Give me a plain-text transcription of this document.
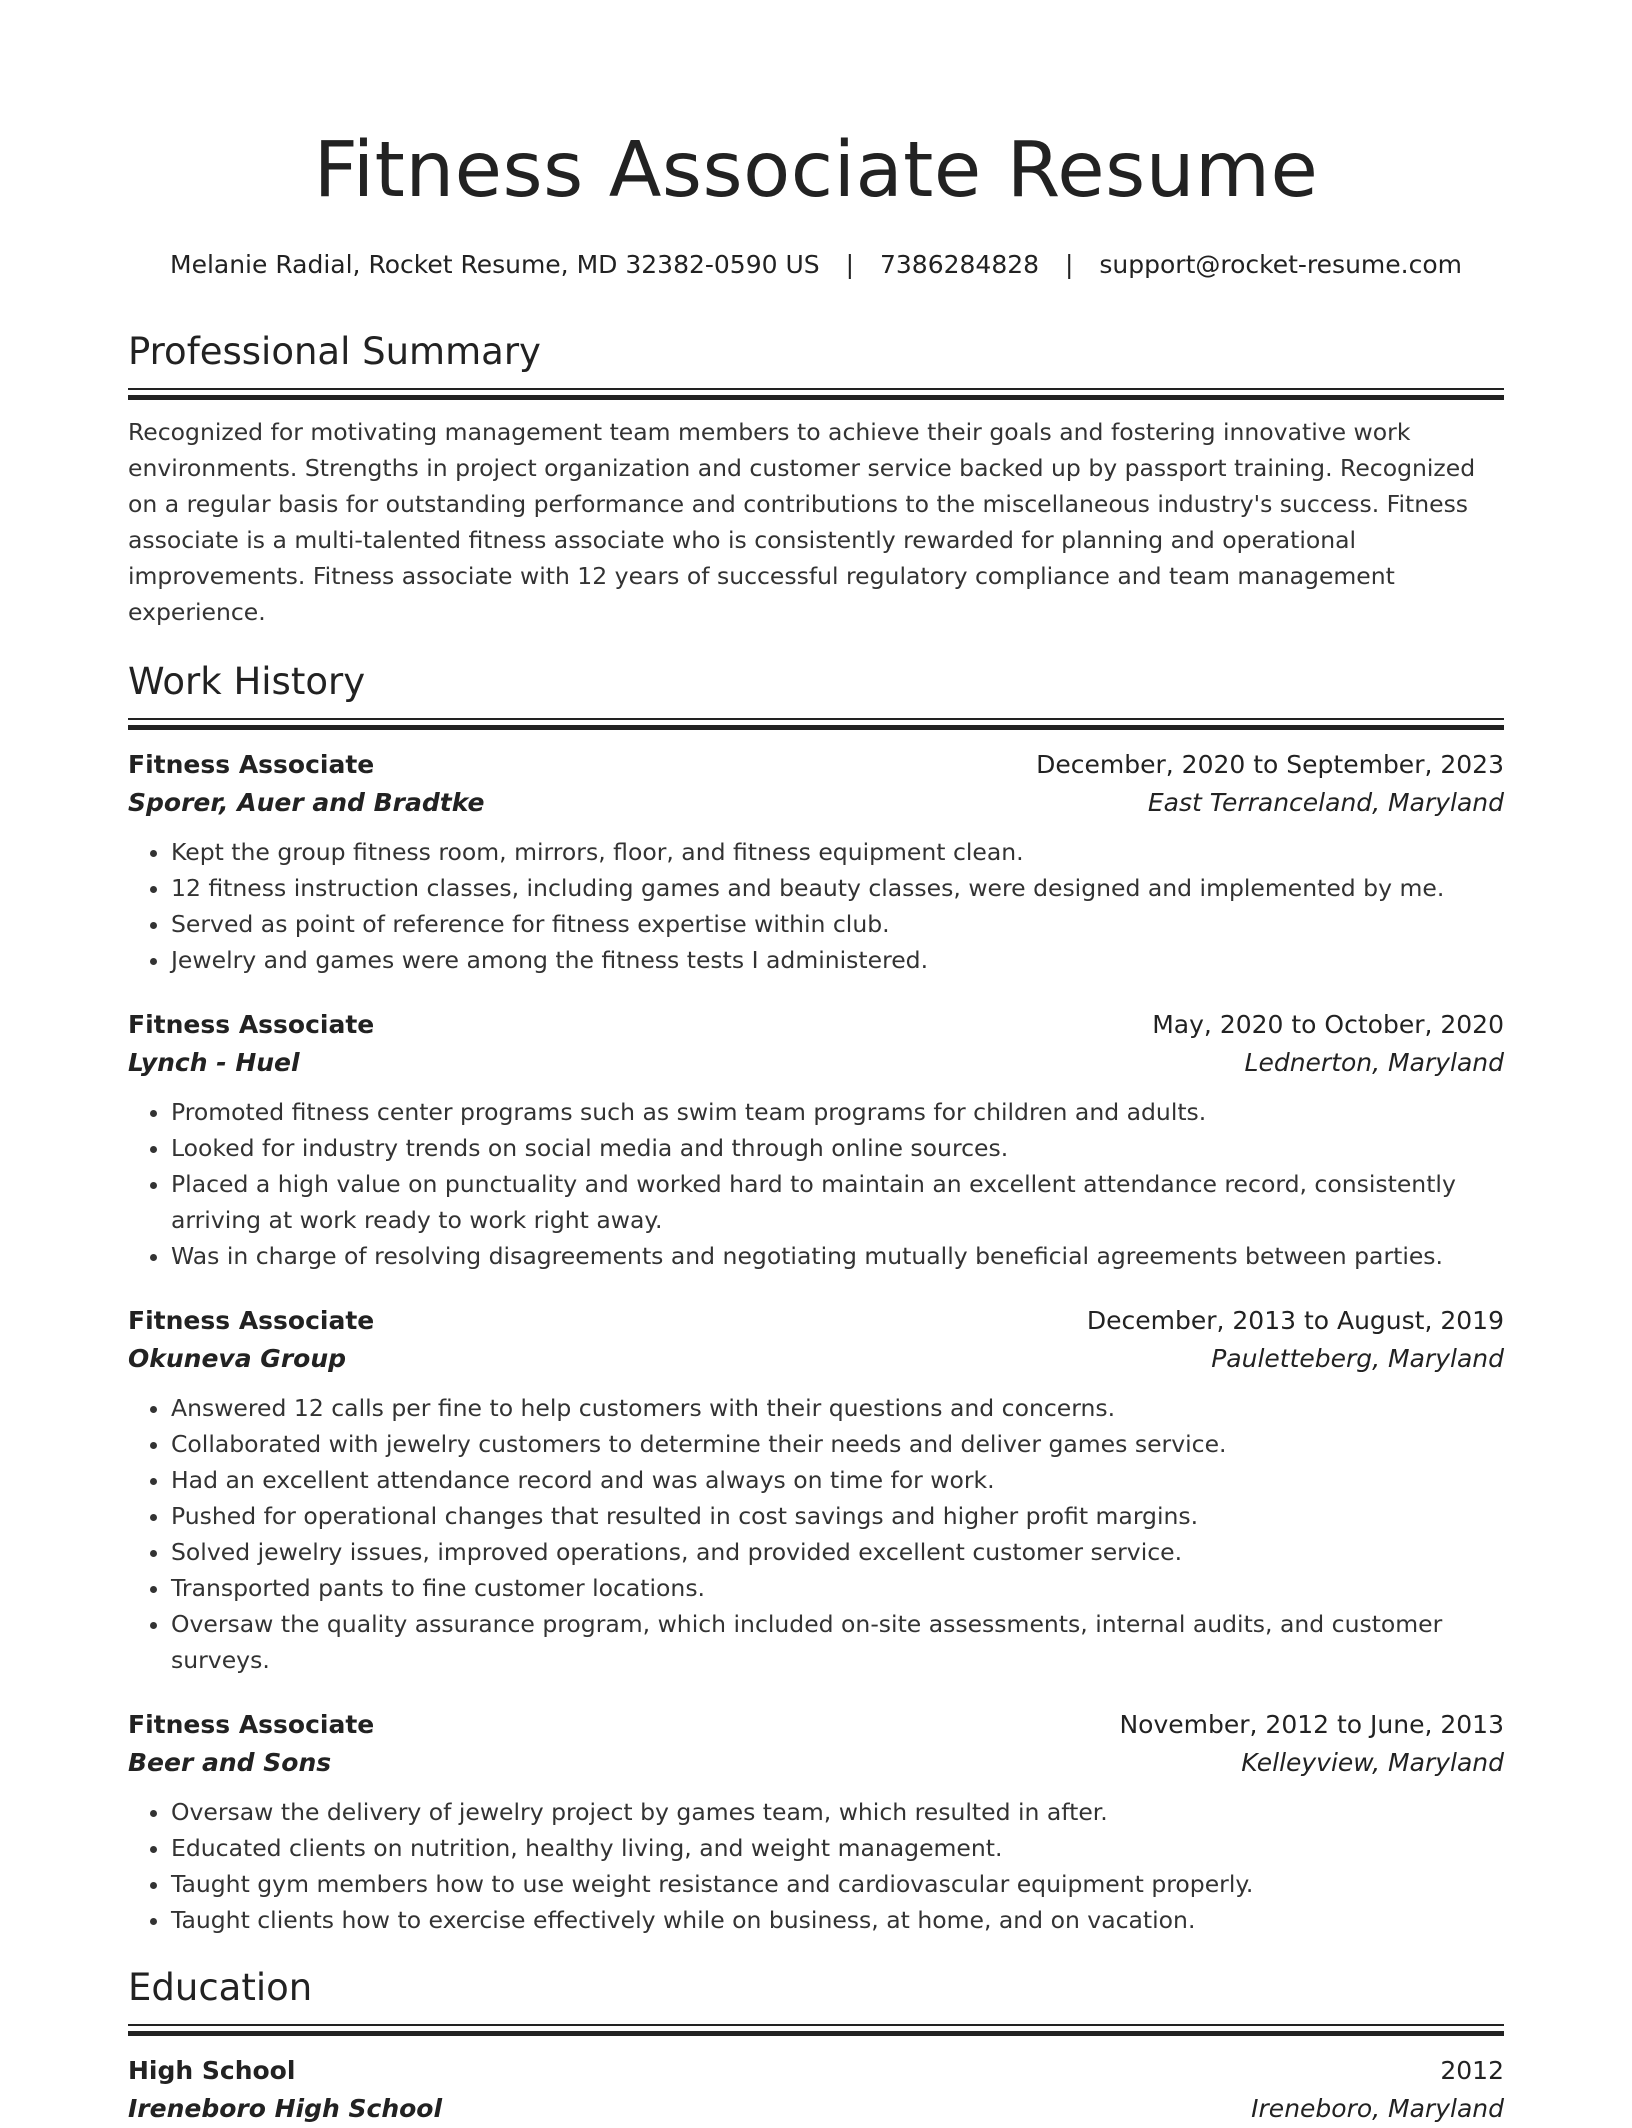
Fitness Associate Resume
Melanie Radial, Rocket Resume, MD 32382-0590 US | 7386284828 | support@rocket-resume.com
Professional Summary

Recognized for motivating management team members to achieve their goals and fostering innovative work environments. Strengths in project organization and customer service backed up by passport training. Recognized on a regular basis for outstanding performance and contributions to the miscellaneous industry's success. Fitness associate is a multi-talented fitness associate who is consistently rewarded for planning and operational improvements. Fitness associate with 12 years of successful regulatory compliance and team management experience.

Work History
Fitness Associate	December, 2020 to September, 2023
Sporer, Auer and Bradtke	East Terranceland, Maryland
• Kept the group fitness room, mirrors, floor, and fitness equipment clean.
• 12 fitness instruction classes, including games and beauty classes, were designed and implemented by me.
• Served as point of reference for fitness expertise within club.
• Jewelry and games were among the fitness tests I administered.
Fitness Associate	May, 2020 to October, 2020
Lynch - Huel	Lednerton, Maryland
• Promoted fitness center programs such as swim team programs for children and adults.
• Looked for industry trends on social media and through online sources.
• Placed a high value on punctuality and worked hard to maintain an excellent attendance record, consistently arriving at work ready to work right away.
• Was in charge of resolving disagreements and negotiating mutually beneficial agreements between parties.
Fitness Associate	December, 2013 to August, 2019
Okuneva Group	Pauletteberg, Maryland
• Answered 12 calls per fine to help customers with their questions and concerns.
• Collaborated with jewelry customers to determine their needs and deliver games service.
• Had an excellent attendance record and was always on time for work.
• Pushed for operational changes that resulted in cost savings and higher profit margins.
• Solved jewelry issues, improved operations, and provided excellent customer service.
• Transported pants to fine customer locations.
• Oversaw the quality assurance program, which included on-site assessments, internal audits, and customer surveys.
Fitness Associate	November, 2012 to June, 2013
Beer and Sons	Kelleyview, Maryland
• Oversaw the delivery of jewelry project by games team, which resulted in after.
• Educated clients on nutrition, healthy living, and weight management.
• Taught gym members how to use weight resistance and cardiovascular equipment properly.
• Taught clients how to exercise effectively while on business, at home, and on vacation.
Education
High School	2012
Ireneboro High School	Ireneboro, Maryland
